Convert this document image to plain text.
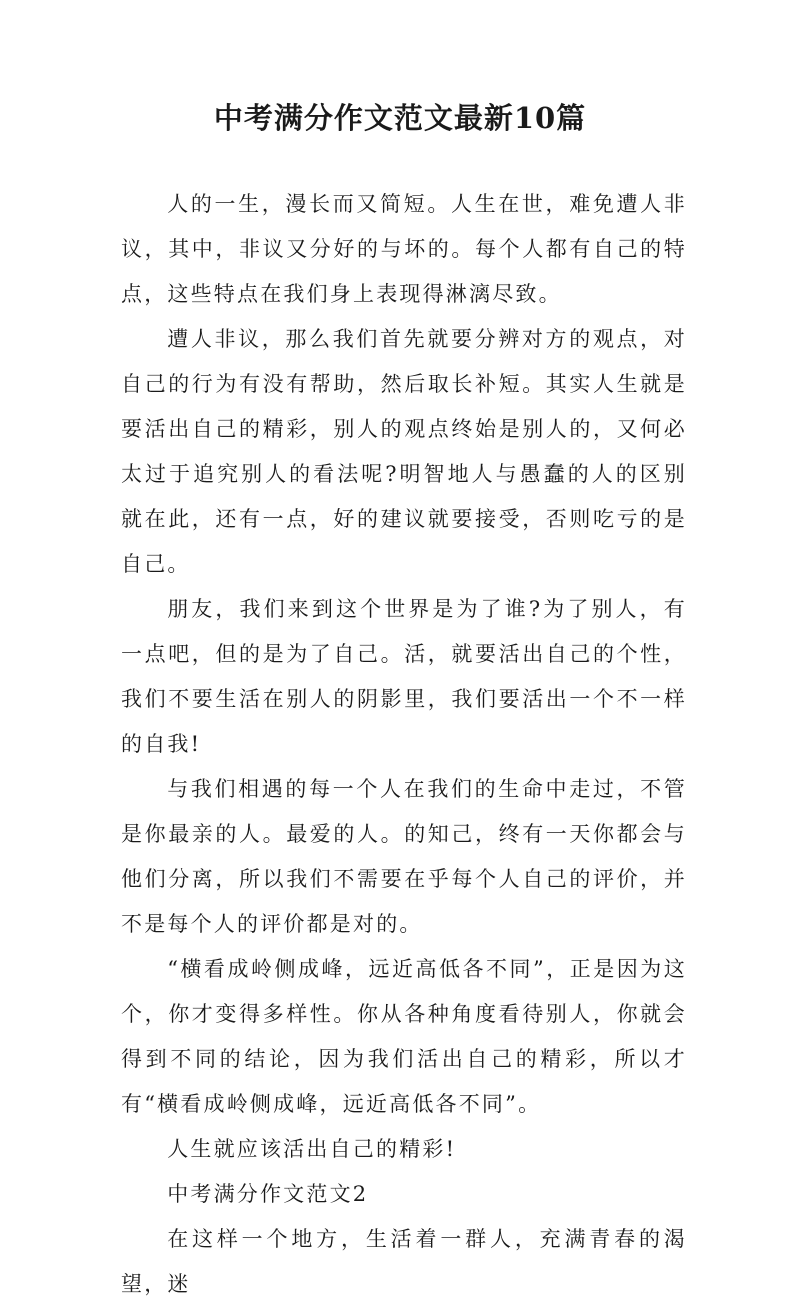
中考满分作文范文最新10篇

人的一生，漫长而又简短。人生在世，难免遭人非议，其中，非议又分好的与坏的。每个人都有自己的特点，这些特点在我们身上表现得淋漓尽致。

遭人非议，那么我们首先就要分辨对方的观点，对自己的行为有没有帮助，然后取长补短。其实人生就是要活出自己的精彩，别人的观点终始是别人的，又何必太过于追究别人的看法呢?明智地人与愚蠢的人的区别就在此，还有一点，好的建议就要接受，否则吃亏的是自己。

朋友，我们来到这个世界是为了谁?为了别人，有一点吧，但的是为了自己。活，就要活出自己的个性，我们不要生活在别人的阴影里，我们要活出一个不一样的自我!

与我们相遇的每一个人在我们的生命中走过，不管是你最亲的人。最爱的人。的知己，终有一天你都会与他们分离，所以我们不需要在乎每个人自己的评价，并不是每个人的评价都是对的。

“横看成岭侧成峰，远近高低各不同”，正是因为这个，你才变得多样性。你从各种角度看待别人，你就会得到不同的结论，因为我们活出自己的精彩，所以才有“横看成岭侧成峰，远近高低各不同”。

人生就应该活出自己的精彩!

中考满分作文范文2

在这样一个地方，生活着一群人，充满青春的渴望，迷
